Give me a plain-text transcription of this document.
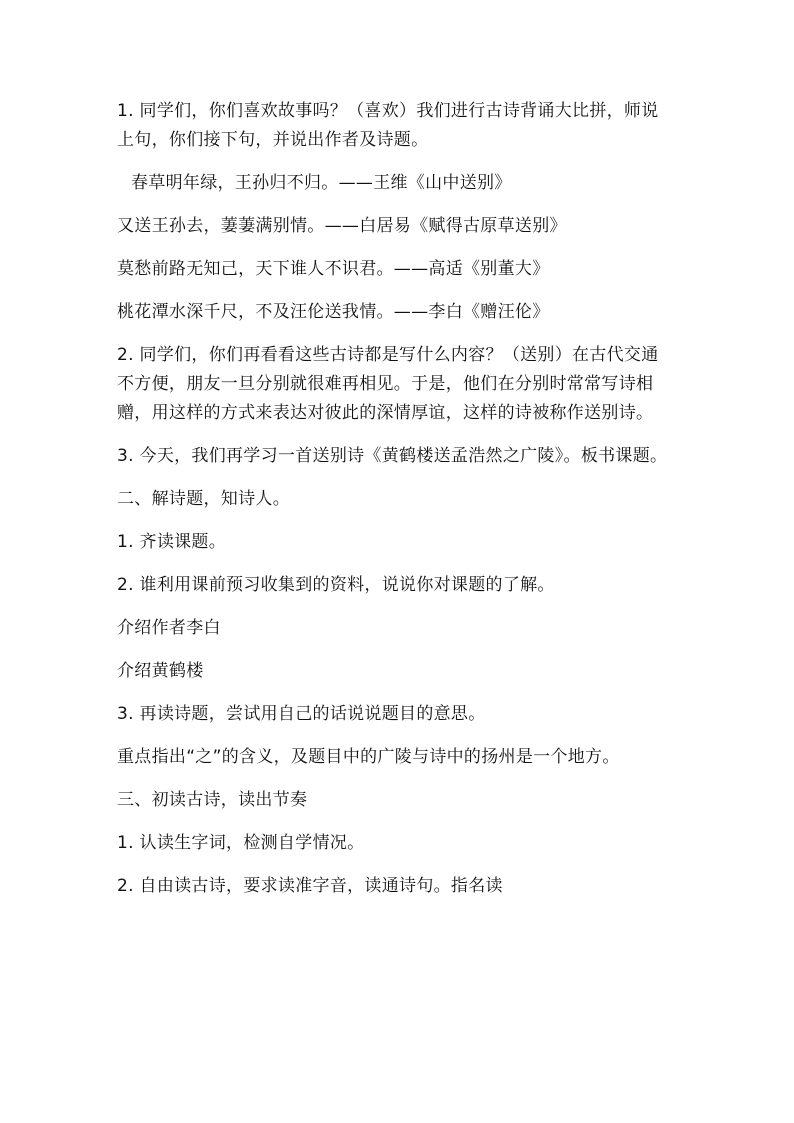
1. 同学们，你们喜欢故事吗？（喜欢）我们进行古诗背诵大比拼，师说上句，你们接下句，并说出作者及诗题。

春草明年绿，王孙归不归。——王维《山中送别》

又送王孙去，萋萋满别情。——白居易《赋得古原草送别》

莫愁前路无知己，天下谁人不识君。——高适《别董大》

桃花潭水深千尺，不及汪伦送我情。——李白《赠汪伦》

2. 同学们，你们再看看这些古诗都是写什么内容？（送别）在古代交通不方便，朋友一旦分别就很难再相见。于是，他们在分别时常常写诗相赠，用这样的方式来表达对彼此的深情厚谊，这样的诗被称作送别诗。

3. 今天，我们再学习一首送别诗《黄鹤楼送孟浩然之广陵》。板书课题。

二、解诗题，知诗人。

1. 齐读课题。

2. 谁利用课前预习收集到的资料，说说你对课题的了解。

介绍作者李白

介绍黄鹤楼

3. 再读诗题，尝试用自己的话说说题目的意思。

重点指出“之”的含义，及题目中的广陵与诗中的扬州是一个地方。

三、初读古诗，读出节奏

1. 认读生字词，检测自学情况。

2. 自由读古诗，要求读准字音，读通诗句。指名读
